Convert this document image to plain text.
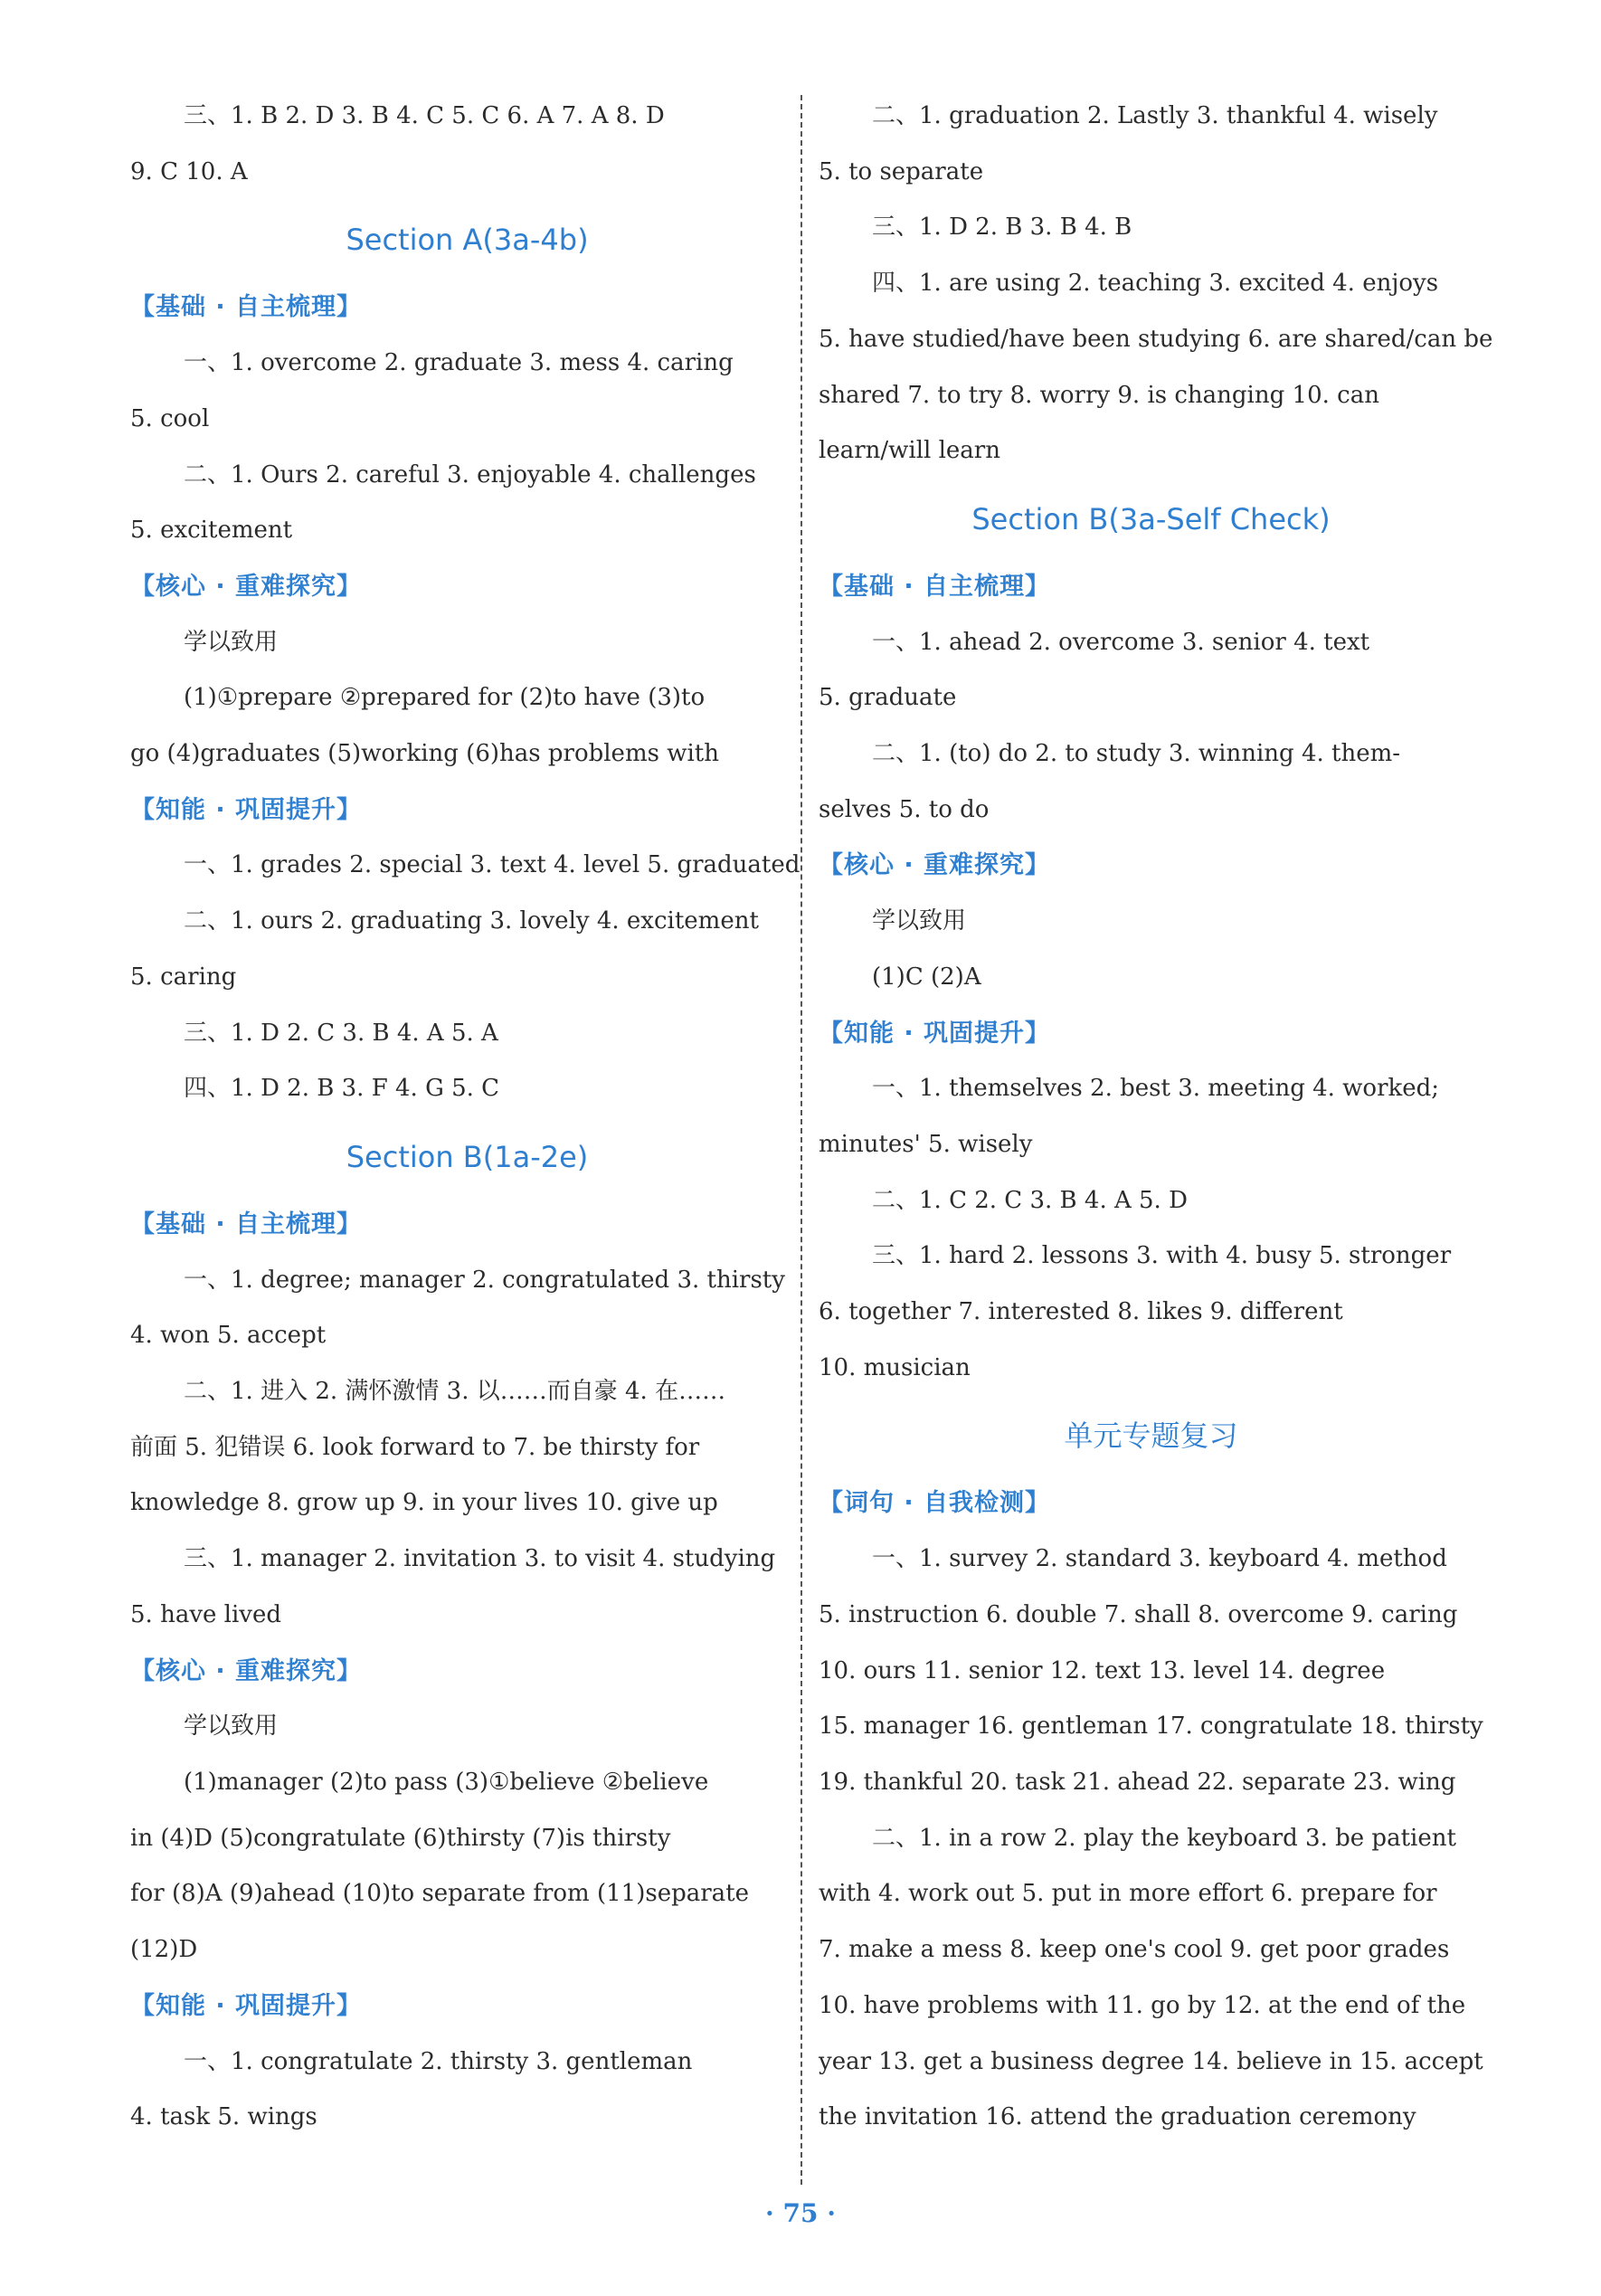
三、1. B 2. D 3. B 4. C 5. C 6. A 7. A 8. D

9. C 10. A

Section A(3a-4b)

【基础 · 自主梳理】

一、1. overcome 2. graduate 3. mess 4. caring

5. cool

二、1. Ours 2. careful 3. enjoyable 4. challenges

5. excitement

【核心 · 重难探究】

学以致用

(1)①prepare ②prepared for (2)to have (3)to

go (4)graduates (5)working (6)has problems with

【知能 · 巩固提升】

一、1. grades 2. special 3. text 4. level 5. graduated

二、1. ours 2. graduating 3. lovely 4. excitement

5. caring

三、1. D 2. C 3. B 4. A 5. A

四、1. D 2. B 3. F 4. G 5. C

Section B(1a-2e)

【基础 · 自主梳理】

一、1. degree; manager 2. congratulated 3. thirsty

4. won 5. accept

二、1. 进入 2. 满怀激情 3. 以……而自豪 4. 在……

前面 5. 犯错误 6. look forward to 7. be thirsty for

knowledge 8. grow up 9. in your lives 10. give up

三、1. manager 2. invitation 3. to visit 4. studying

5. have lived

【核心 · 重难探究】

学以致用

(1)manager (2)to pass (3)①believe ②believe

in (4)D (5)congratulate (6)thirsty (7)is thirsty

for (8)A (9)ahead (10)to separate from (11)separate

(12)D

【知能 · 巩固提升】

一、1. congratulate 2. thirsty 3. gentleman

4. task 5. wings

二、1. graduation 2. Lastly 3. thankful 4. wisely

5. to separate

三、1. D 2. B 3. B 4. B

四、1. are using 2. teaching 3. excited 4. enjoys

5. have studied/have been studying 6. are shared/can be

shared 7. to try 8. worry 9. is changing 10. can

learn/will learn

Section B(3a-Self Check)

【基础 · 自主梳理】

一、1. ahead 2. overcome 3. senior 4. text

5. graduate

二、1. (to) do 2. to study 3. winning 4. them-

selves 5. to do

【核心 · 重难探究】

学以致用

(1)C (2)A

【知能 · 巩固提升】

一、1. themselves 2. best 3. meeting 4. worked;

minutes' 5. wisely

二、1. C 2. C 3. B 4. A 5. D

三、1. hard 2. lessons 3. with 4. busy 5. stronger

6. together 7. interested 8. likes 9. different

10. musician

单元专题复习

【词句 · 自我检测】

一、1. survey 2. standard 3. keyboard 4. method

5. instruction 6. double 7. shall 8. overcome 9. caring

10. ours 11. senior 12. text 13. level 14. degree

15. manager 16. gentleman 17. congratulate 18. thirsty

19. thankful 20. task 21. ahead 22. separate 23. wing

二、1. in a row 2. play the keyboard 3. be patient

with 4. work out 5. put in more effort 6. prepare for

7. make a mess 8. keep one's cool 9. get poor grades

10. have problems with 11. go by 12. at the end of the

year 13. get a business degree 14. believe in 15. accept

the invitation 16. attend the graduation ceremony

· 75 ·
